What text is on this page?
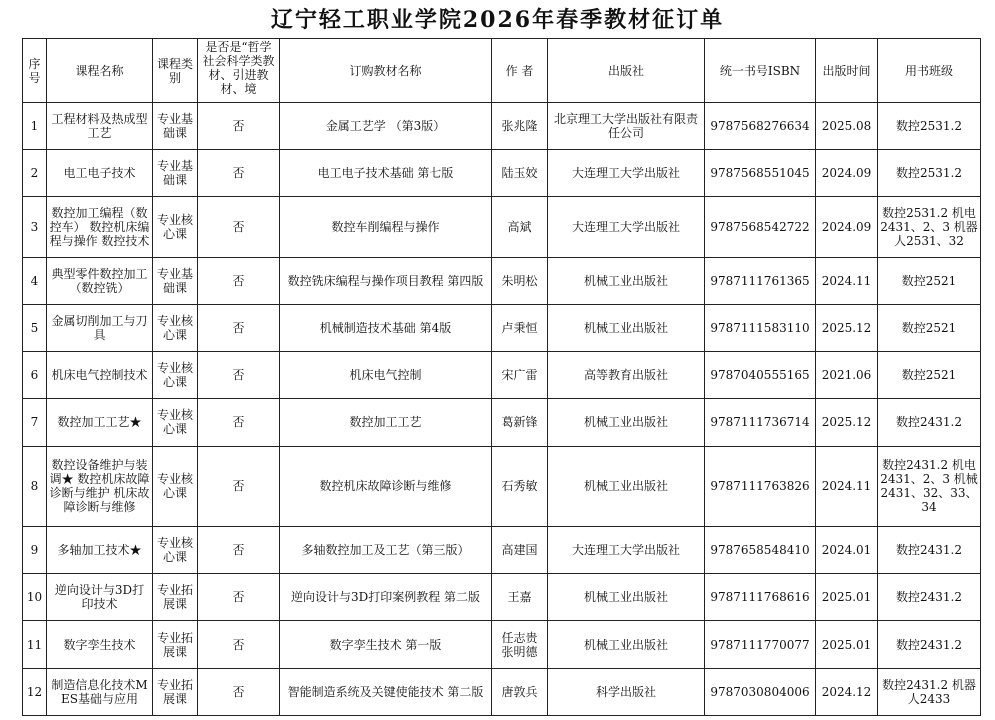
辽宁轻工职业学院2026年春季教材征订单
序号	课程名称	课程类别	是否是“哲学社会科学类教材、引进教材、境	订购教材名称	作 者	出版社	统一书号ISBN	出版时间	用书班级
1	工程材料及热成型工艺	专业基础课	否	金属工艺学 （第3版）	张兆隆	北京理工大学出版社有限责任公司	9787568276634	2025.08	数控2531.2
2	电工电子技术	专业基础课	否	电工电子技术基础 第七版	陆玉姣	大连理工大学出版社	9787568551045	2024.09	数控2531.2
3	数控加工编程（数控车） 数控机床编程与操作 数控技术	专业核心课	否	数控车削编程与操作	高斌	大连理工大学出版社	9787568542722	2024.09	数控2531.2 机电2431、2、3 机器人2531、32
4	典型零件数控加工（数控铣）	专业基础课	否	数控铣床编程与操作项目教程 第四版	朱明松	机械工业出版社	9787111761365	2024.11	数控2521
5	金属切削加工与刀具	专业核心课	否	机械制造技术基础 第4版	卢秉恒	机械工业出版社	9787111583110	2025.12	数控2521
6	机床电气控制技术	专业核心课	否	机床电气控制	宋广雷	高等教育出版社	9787040555165	2021.06	数控2521
7	数控加工工艺★	专业核心课	否	数控加工工艺	葛新锋	机械工业出版社	9787111736714	2025.12	数控2431.2
8	数控设备维护与装调★ 数控机床故障诊断与维护 机床故障诊断与维修	专业核心课	否	数控机床故障诊断与维修	石秀敏	机械工业出版社	9787111763826	2024.11	数控2431.2 机电2431、2、3 机械2431、32、33、34
9	多轴加工技术★	专业核心课	否	多轴数控加工及工艺（第三版）	高建国	大连理工大学出版社	9787658548410	2024.01	数控2431.2
10	逆向设计与3D打印技术	专业拓展课	否	逆向设计与3D打印案例教程 第二版	王嘉	机械工业出版社	9787111768616	2025.01	数控2431.2
11	数字孪生技术	专业拓展课	否	数字孪生技术 第一版	任志贵 张明德	机械工业出版社	9787111770077	2025.01	数控2431.2
12	制造信息化技术MES基础与应用	专业拓展课	否	智能制造系统及关键使能技术 第二版	唐敦兵	科学出版社	9787030804006	2024.12	数控2431.2 机器人2433
